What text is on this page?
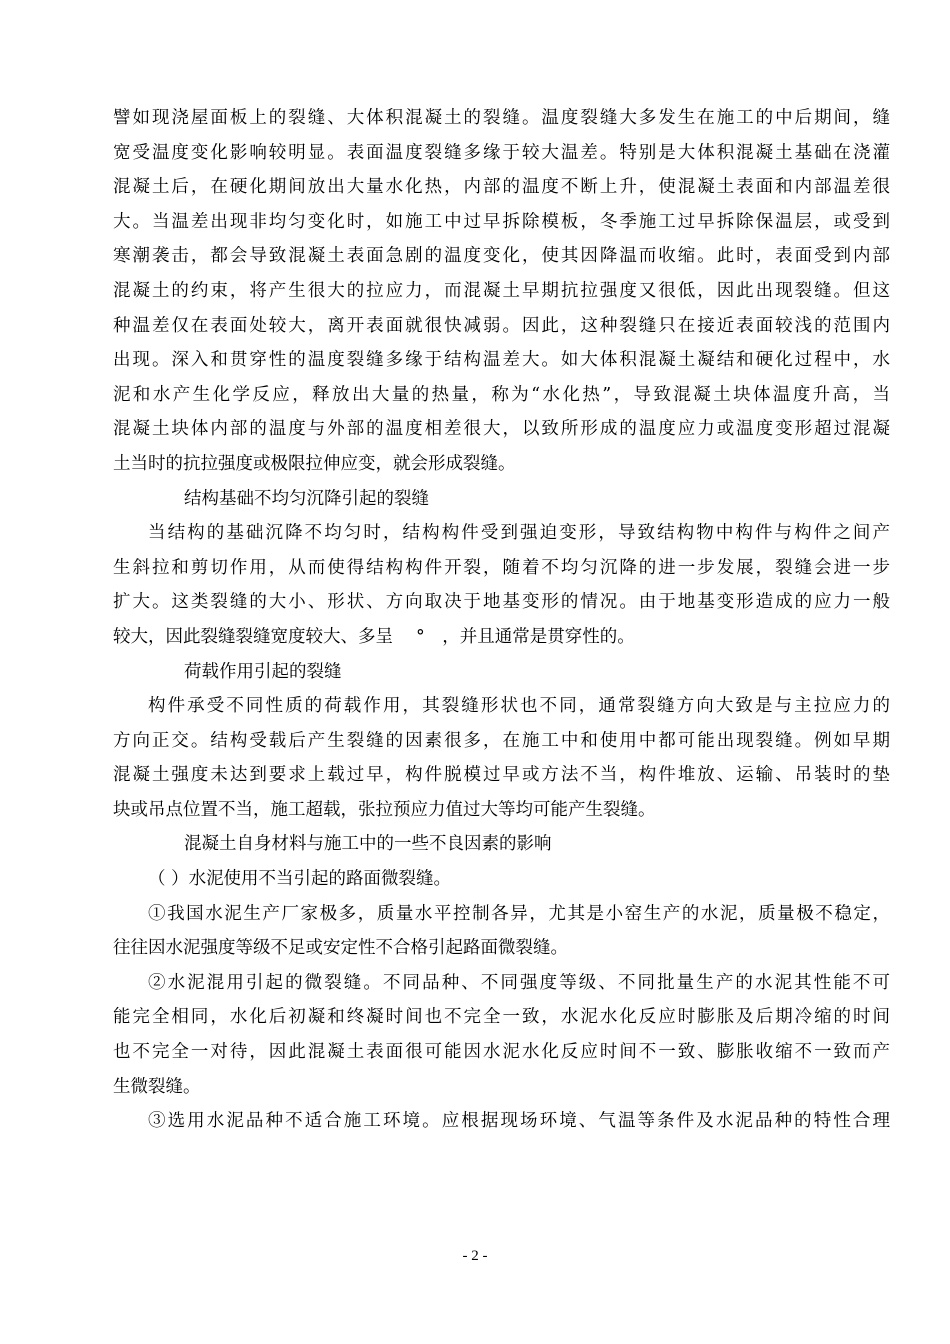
譬如现浇屋面板上的裂缝、大体积混凝土的裂缝。温度裂缝大多发生在施工的中后期间，缝
宽受温度变化影响较明显。表面温度裂缝多缘于较大温差。特别是大体积混凝土基础在浇灌
混凝土后，在硬化期间放出大量水化热，内部的温度不断上升，使混凝土表面和内部温差很
大。当温差出现非均匀变化时，如施工中过早拆除模板，冬季施工过早拆除保温层，或受到
寒潮袭击，都会导致混凝土表面急剧的温度变化，使其因降温而收缩。此时，表面受到内部
混凝土的约束，将产生很大的拉应力，而混凝土早期抗拉强度又很低，因此出现裂缝。但这
种温差仅在表面处较大，离开表面就很快减弱。因此，这种裂缝只在接近表面较浅的范围内
出现。深入和贯穿性的温度裂缝多缘于结构温差大。如大体积混凝土凝结和硬化过程中，水
泥和水产生化学反应，释放出大量的热量，称为“水化热”，导致混凝土块体温度升高，当
混凝土块体内部的温度与外部的温度相差很大，以致所形成的温度应力或温度变形超过混凝
土当时的抗拉强度或极限拉伸应变，就会形成裂缝。
结构基础不均匀沉降引起的裂缝
当结构的基础沉降不均匀时，结构构件受到强迫变形，导致结构物中构件与构件之间产
生斜拉和剪切作用，从而使得结构构件开裂，随着不均匀沉降的进一步发展，裂缝会进一步
扩大。这类裂缝的大小、形状、方向取决于地基变形的情况。由于地基变形造成的应力一般
较大，因此裂缝裂缝宽度较大、多呈 　°　，并且通常是贯穿性的。
荷载作用引起的裂缝
构件承受不同性质的荷载作用，其裂缝形状也不同，通常裂缝方向大致是与主拉应力的
方向正交。结构受载后产生裂缝的因素很多，在施工中和使用中都可能出现裂缝。例如早期
混凝土强度未达到要求上载过早，构件脱模过早或方法不当，构件堆放、运输、吊装时的垫
块或吊点位置不当，施工超载，张拉预应力值过大等均可能产生裂缝。
混凝土自身材料与施工中的一些不良因素的影响
（ ）水泥使用不当引起的路面微裂缝。
①我国水泥生产厂家极多，质量水平控制各异，尤其是小窑生产的水泥，质量极不稳定，
往往因水泥强度等级不足或安定性不合格引起路面微裂缝。
②水泥混用引起的微裂缝。不同品种、不同强度等级、不同批量生产的水泥其性能不可
能完全相同，水化后初凝和终凝时间也不完全一致，水泥水化反应时膨胀及后期冷缩的时间
也不完全一对待，因此混凝土表面很可能因水泥水化反应时间不一致、膨胀收缩不一致而产
生微裂缝。
③选用水泥品种不适合施工环境。应根据现场环境、气温等条件及水泥品种的特性合理
- 2 -
